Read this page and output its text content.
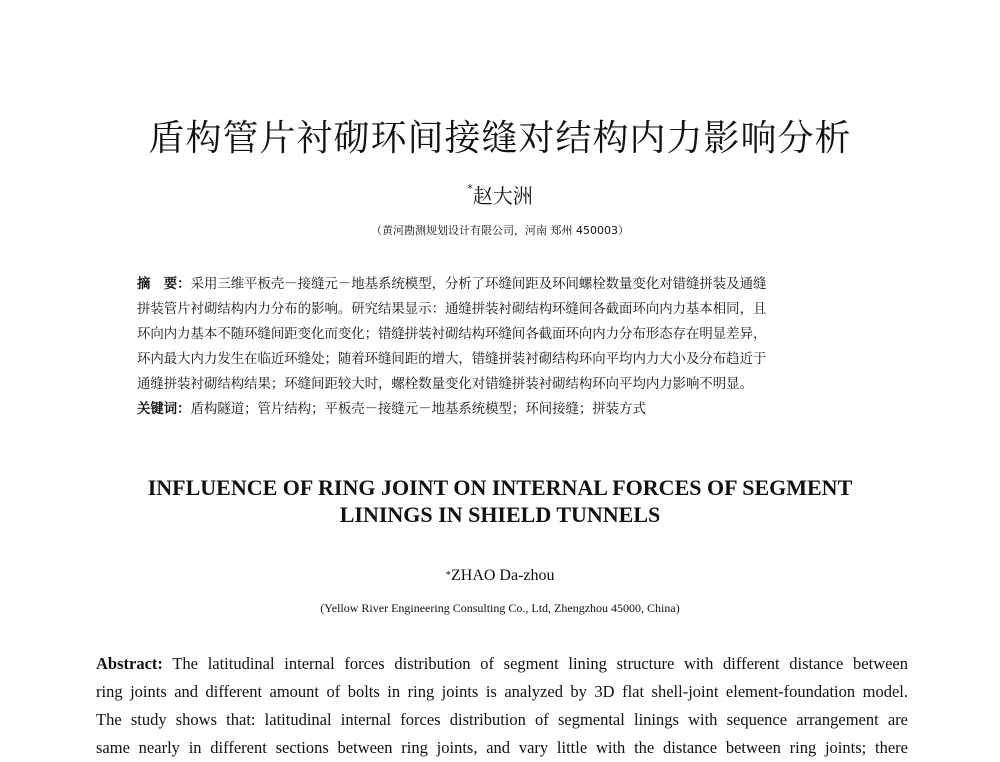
盾构管片衬砌环间接缝对结构内力影响分析
*赵大洲
（黄河勘测规划设计有限公司，河南 郑州 450003）
摘　要：采用三维平板壳－接缝元－地基系统模型，分析了环缝间距及环间螺栓数量变化对错缝拼装及通缝
拼装管片衬砌结构内力分布的影响。研究结果显示：通缝拼装衬砌结构环缝间各截面环向内力基本相同，且
环向内力基本不随环缝间距变化而变化；错缝拼装衬砌结构环缝间各截面环向内力分布形态存在明显差异，
环内最大内力发生在临近环缝处；随着环缝间距的增大，错缝拼装衬砌结构环向平均内力大小及分布趋近于
通缝拼装衬砌结构结果；环缝间距较大时，螺栓数量变化对错缝拼装衬砌结构环向平均内力影响不明显。
关键词：盾构隧道；管片结构；平板壳－接缝元－地基系统模型；环间接缝；拼装方式
INFLUENCE OF RING JOINT ON INTERNAL FORCES OF SEGMENT
LININGS IN SHIELD TUNNELS
*ZHAO Da-zhou
(Yellow River Engineering Consulting Co., Ltd, Zhengzhou 45000, China)
Abstract: The latitudinal internal forces distribution of segment lining structure with different distance between
ring joints and different amount of bolts in ring joints is analyzed by 3D flat shell-joint element-foundation model.
The study shows that: latitudinal internal forces distribution of segmental linings with sequence arrangement are
same nearly in different sections between ring joints, and vary little with the distance between ring joints; there
